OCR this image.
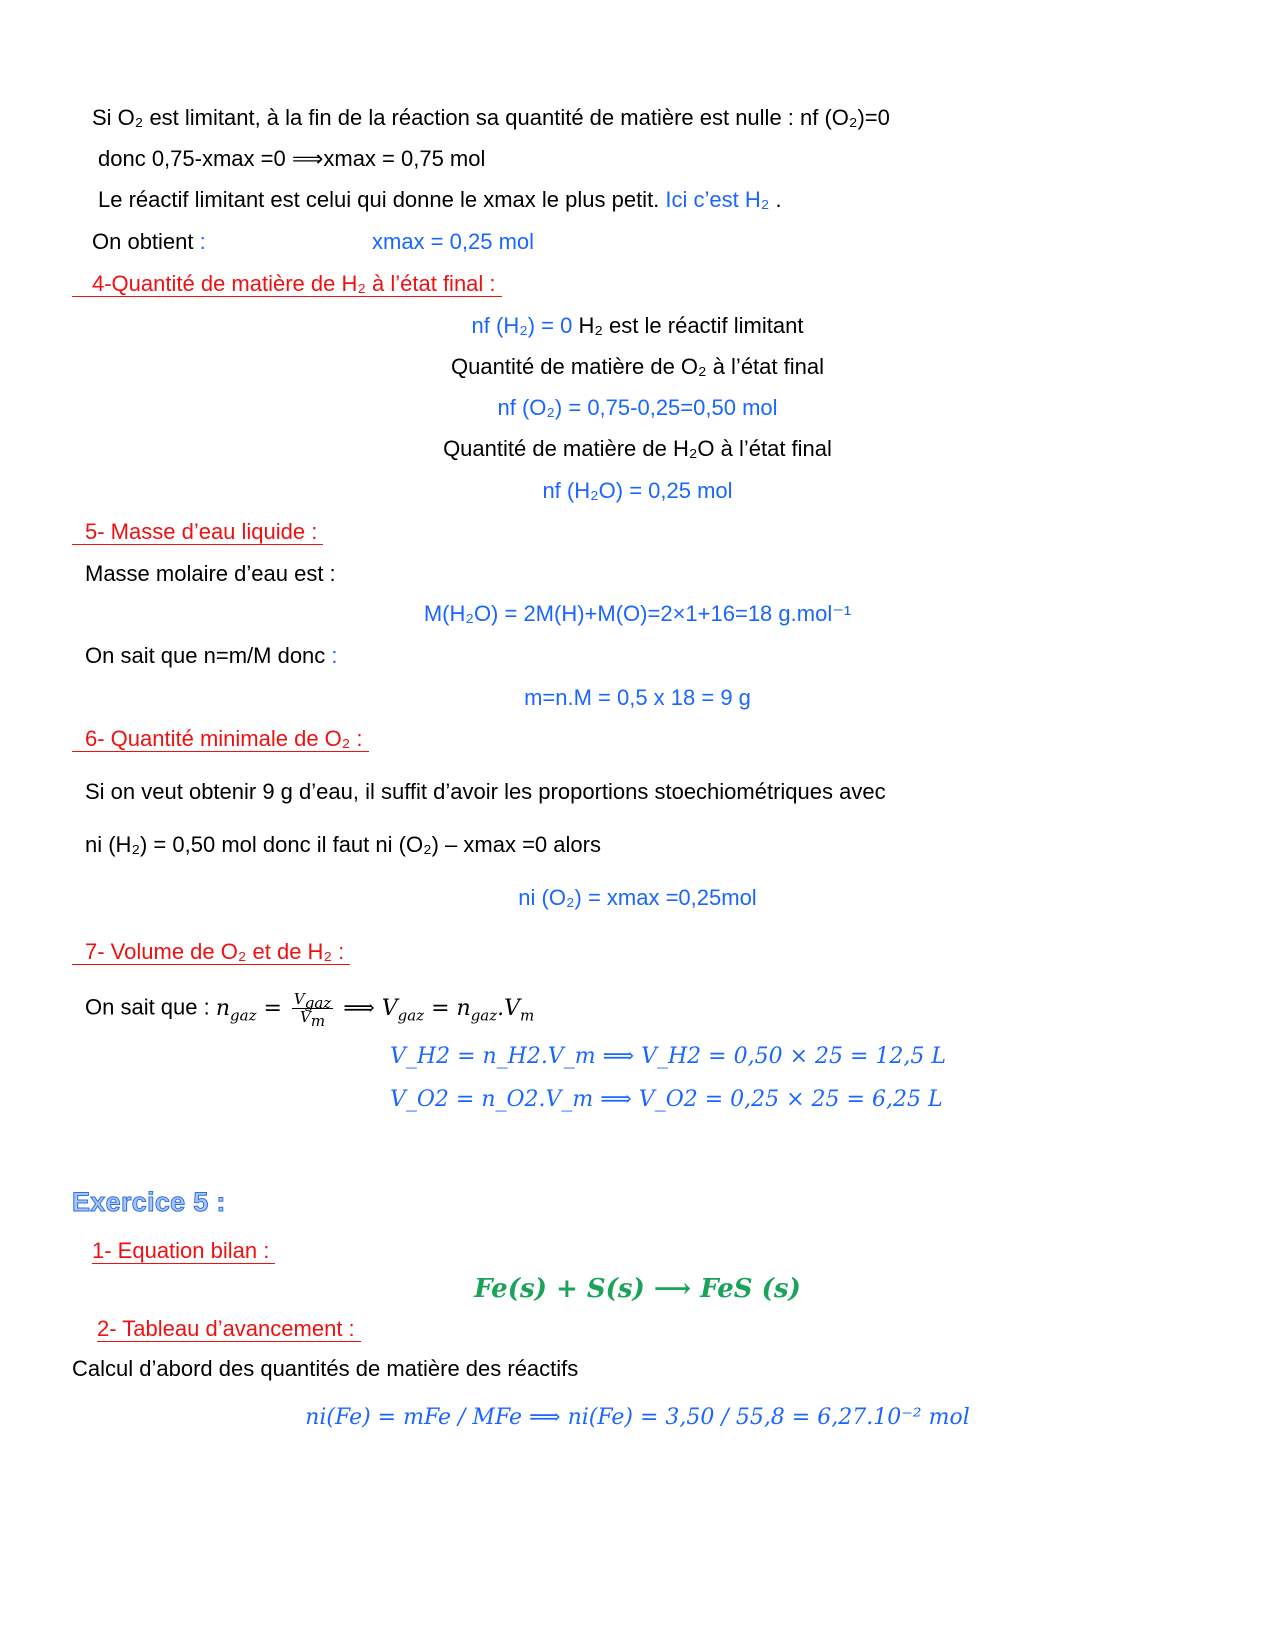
Si O₂ est limitant, à la fin de la réaction sa quantité de matière est nulle : nf (O₂)=0
donc 0,75-xmax =0 ⟹xmax = 0,75 mol
Le réactif limitant est celui qui donne le xmax le plus petit. Ici c’est H₂ .
On obtient :	xmax = 0,25 mol
4-Quantité de matière de H₂ à l’état final :
nf (H₂) = 0 H₂ est le réactif limitant
Quantité de matière de O₂ à l’état final
nf (O₂) = 0,75-0,25=0,50 mol
Quantité de matière de H₂O à l’état final
nf (H₂O) = 0,25 mol
5- Masse d’eau liquide :
Masse molaire d’eau est :
M(H₂O) = 2M(H)+M(O)=2×1+16=18 g.mol⁻¹
On sait que n=m/M donc :
m=n.M = 0,5 x 18 = 9 g
6- Quantité minimale de O₂ :
Si on veut obtenir 9 g d’eau, il suffit d’avoir les proportions stoechiométriques avec
ni (H₂) = 0,50 mol donc il faut ni (O₂) – xmax =0 alors
ni (O₂) = xmax =0,25mol
7- Volume de O₂ et de H₂ :
On sait que : $n_{gaz} = \frac{V_{gaz}}{V_m}$ ⟹ $V_{gaz} = n_{gaz}.V_m$
V_H2 = n_H2.V_m ⟹ V_H2 = 0,50 × 25 = 12,5 L
V_O2 = n_O2.V_m ⟹ V_O2 = 0,25 × 25 = 6,25 L
Exercice 5 :
1- Equation bilan :
Fe(s) + S(s) ⟶ FeS (s)
2- Tableau d’avancement :
Calcul d’abord des quantités de matière des réactifs
ni(Fe) = mFe / MFe ⟹ ni(Fe) = 3,50 / 55,8 = 6,27.10⁻² mol
